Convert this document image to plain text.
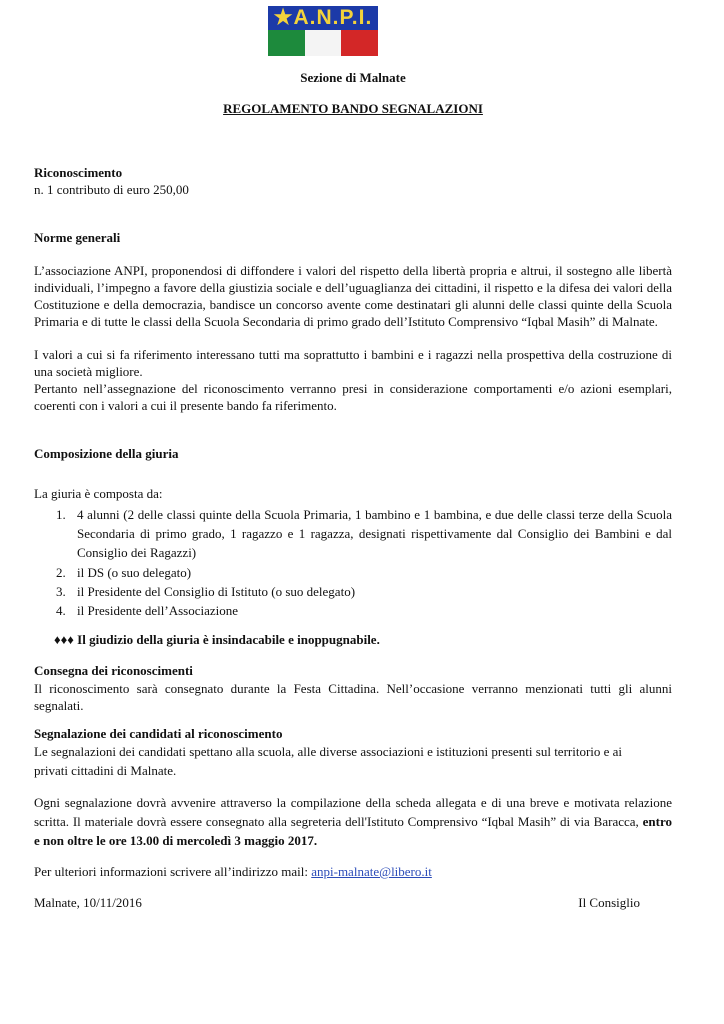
★A.N.P.I.
Sezione di Malnate
REGOLAMENTO BANDO SEGNALAZIONI
Riconoscimento
n. 1 contributo di euro 250,00
Norme generali
L’associazione ANPI, proponendosi di diffondere i valori del rispetto della libertà propria e altrui, il sostegno alle libertà individuali, l’impegno a favore della giustizia sociale e dell’uguaglianza dei cittadini, il rispetto e la difesa dei valori della Costituzione e della democrazia, bandisce un concorso avente come destinatari gli alunni delle classi quinte della Scuola Primaria e di tutte le classi della Scuola Secondaria di primo grado dell’Istituto Comprensivo “Iqbal Masih” di Malnate.
I valori a cui si fa riferimento interessano tutti ma soprattutto i bambini e i ragazzi nella prospettiva della costruzione di una società migliore.
Pertanto nell’assegnazione del riconoscimento verranno presi in considerazione comportamenti e/o azioni esemplari, coerenti con i valori a cui il presente bando fa riferimento.
Composizione della giuria
La giuria è composta da:
1. 4 alunni (2 delle classi quinte della Scuola Primaria, 1 bambino e 1 bambina, e due delle classi terze della Scuola Secondaria di primo grado, 1 ragazzo e 1 ragazza, designati rispettivamente dal Consiglio dei Bambini e dal Consiglio dei Ragazzi)
2. il DS (o suo delegato)
3. il Presidente del Consiglio di Istituto (o suo delegato)
4. il Presidente dell’Associazione
♦♦♦ Il giudizio della giuria è insindacabile e inoppugnabile.
Consegna dei riconoscimenti
Il riconoscimento sarà consegnato durante la Festa Cittadina. Nell’occasione verranno menzionati tutti gli alunni segnalati.
Segnalazione dei candidati al riconoscimento
Le segnalazioni dei candidati spettano alla scuola, alle diverse associazioni e istituzioni presenti sul territorio e ai privati cittadini di Malnate.
Ogni segnalazione dovrà avvenire attraverso la compilazione della scheda allegata e di una breve e motivata relazione scritta. Il materiale dovrà essere consegnato alla segreteria dell'Istituto Comprensivo “Iqbal Masih” di via Baracca, entro e non oltre le ore 13.00 di mercoledì 3 maggio 2017.
Per ulteriori informazioni scrivere all’indirizzo mail: anpi-malnate@libero.it
Malnate, 10/11/2016	Il Consiglio
